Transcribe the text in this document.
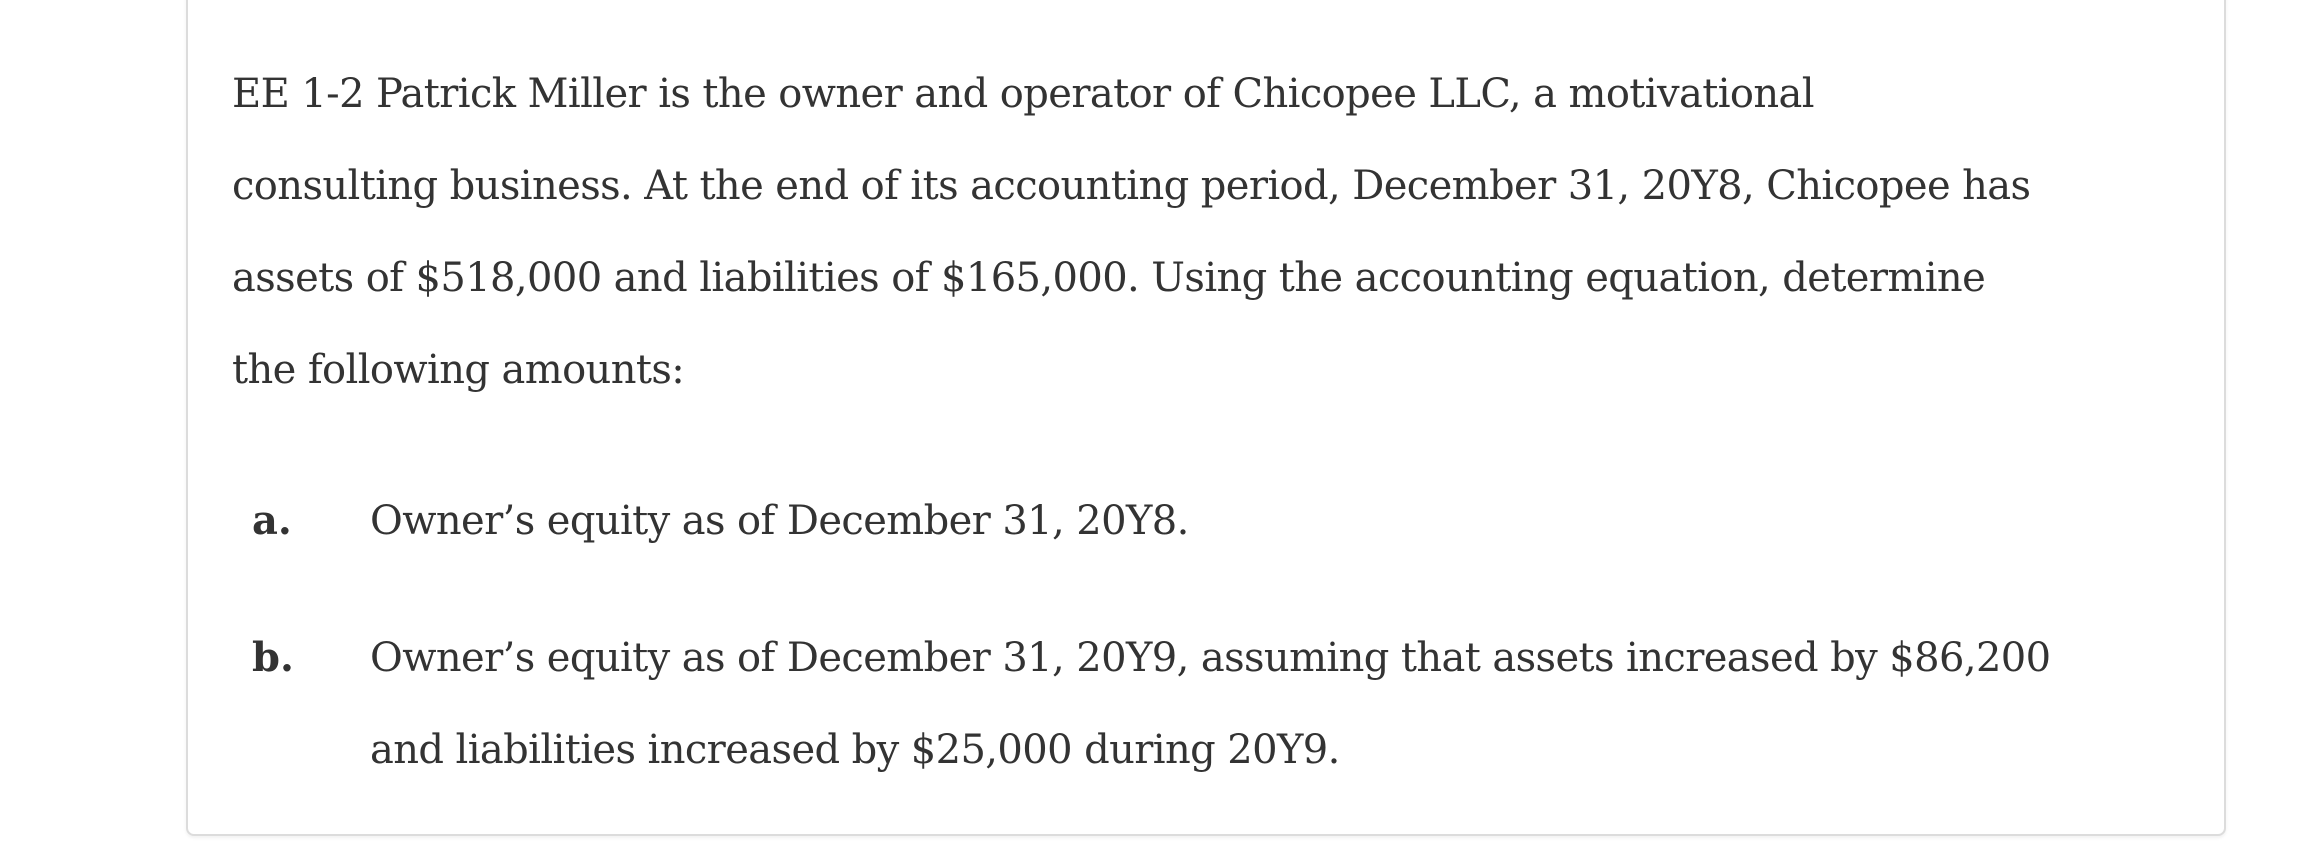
EE 1-2 Patrick Miller is the owner and operator of Chicopee LLC, a motivational
consulting business. At the end of its accounting period, December 31, 20Y8, Chicopee has
assets of $518,000 and liabilities of $165,000. Using the accounting equation, determine
the following amounts:

a. Owner’s equity as of December 31, 20Y8.

b. Owner’s equity as of December 31, 20Y9, assuming that assets increased by $86,200
and liabilities increased by $25,000 during 20Y9.
